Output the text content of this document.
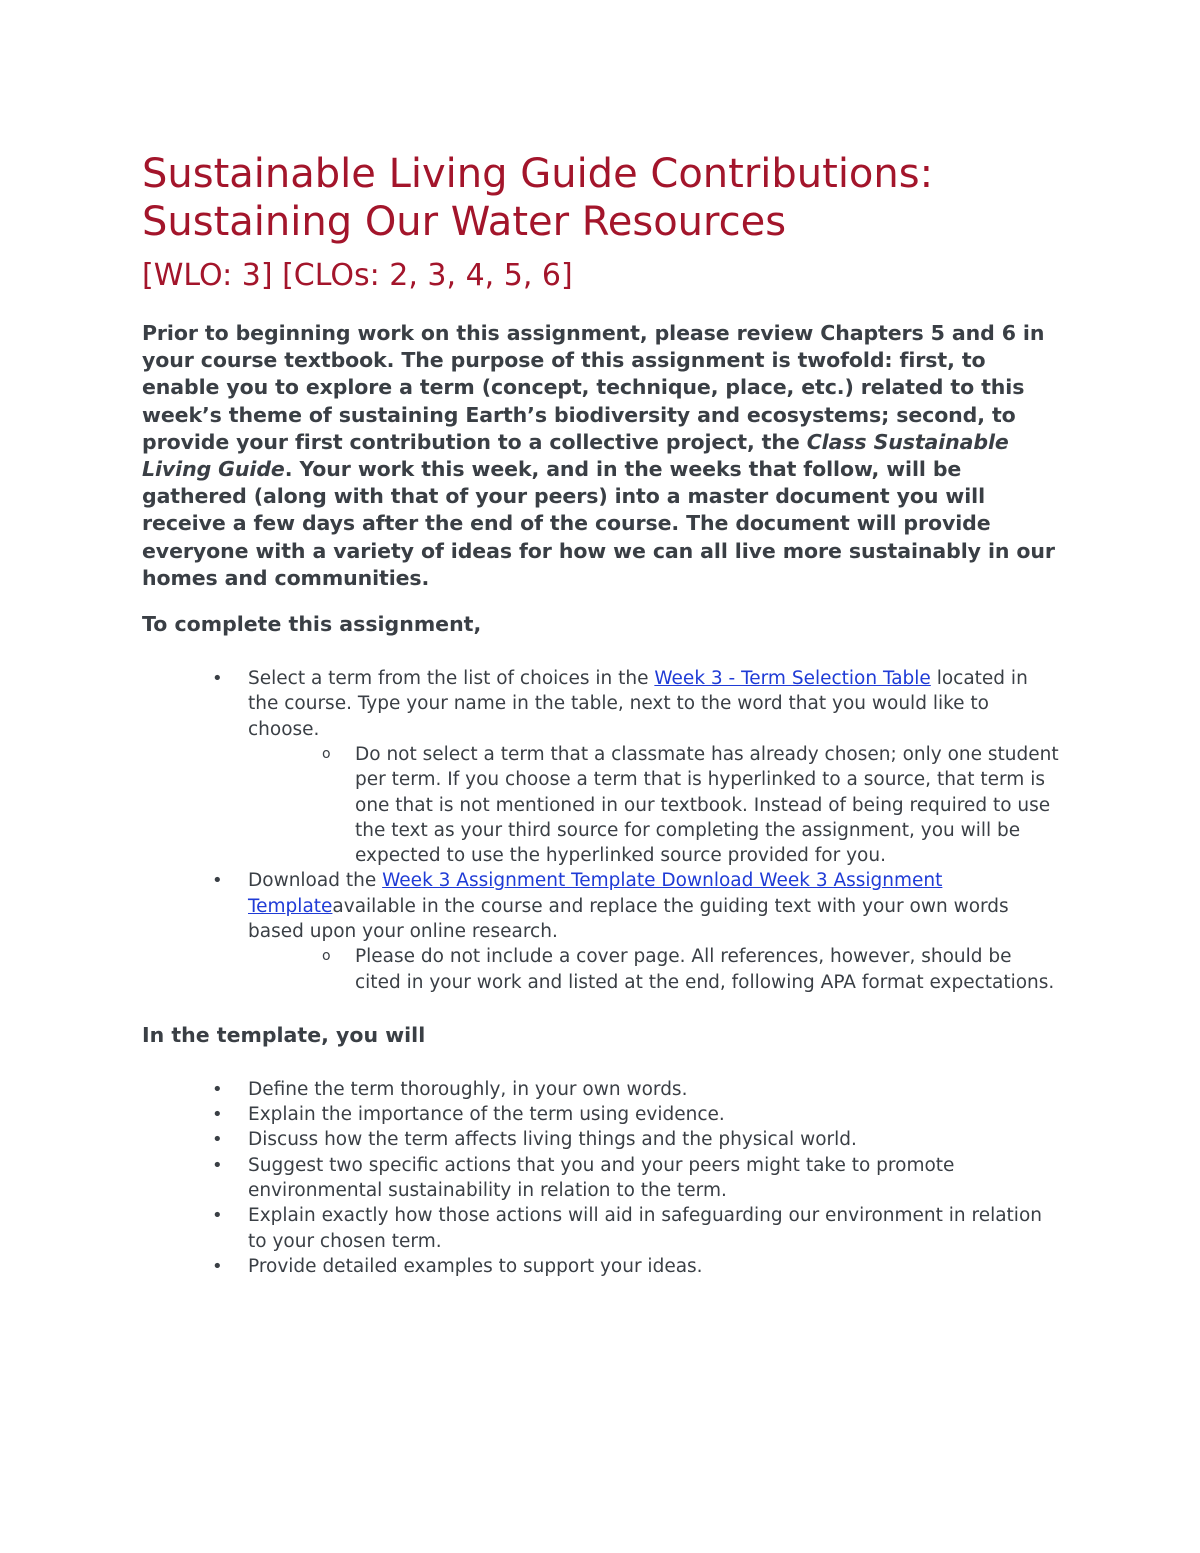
Sustainable Living Guide Contributions:
Sustaining Our Water Resources

[WLO: 3] [CLOs: 2, 3, 4, 5, 6]

Prior to beginning work on this assignment, please review Chapters 5 and 6 in your course textbook. The purpose of this assignment is twofold: first, to enable you to explore a term (concept, technique, place, etc.) related to this week’s theme of sustaining Earth’s biodiversity and ecosystems; second, to provide your first contribution to a collective project, the Class Sustainable Living Guide. Your work this week, and in the weeks that follow, will be gathered (along with that of your peers) into a master document you will receive a few days after the end of the course. The document will provide everyone with a variety of ideas for how we can all live more sustainably in our homes and communities.

To complete this assignment,

• Select a term from the list of choices in the Week 3 - Term Selection Table located in the course. Type your name in the table, next to the word that you would like to choose.
o Do not select a term that a classmate has already chosen; only one student per term. If you choose a term that is hyperlinked to a source, that term is one that is not mentioned in our textbook. Instead of being required to use the text as your third source for completing the assignment, you will be expected to use the hyperlinked source provided for you.
• Download the Week 3 Assignment Template Download Week 3 Assignment Templateavailable in the course and replace the guiding text with your own words based upon your online research.
o Please do not include a cover page. All references, however, should be cited in your work and listed at the end, following APA format expectations.

In the template, you will

• Define the term thoroughly, in your own words.
• Explain the importance of the term using evidence.
• Discuss how the term affects living things and the physical world.
• Suggest two specific actions that you and your peers might take to promote environmental sustainability in relation to the term.
• Explain exactly how those actions will aid in safeguarding our environment in relation to your chosen term.
• Provide detailed examples to support your ideas.
